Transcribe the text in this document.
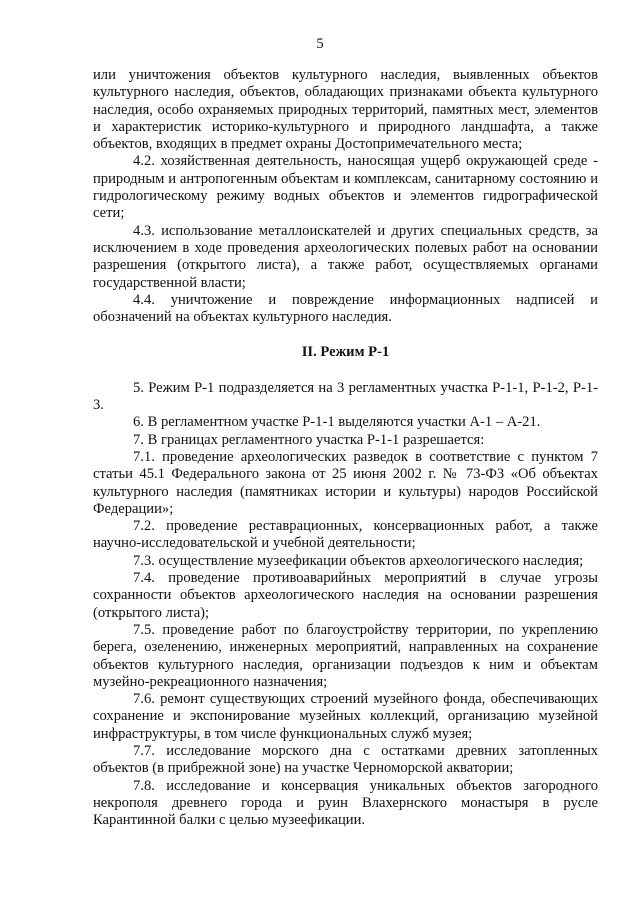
5

или уничтожения объектов культурного наследия, выявленных объектов культурного наследия, объектов, обладающих признаками объекта культурного наследия, особо охраняемых природных территорий, памятных мест, элементов и характеристик историко-культурного и природного ландшафта, а также объектов, входящих в предмет охраны Достопримечательного места;

4.2. хозяйственная деятельность, наносящая ущерб окружающей среде - природным и антропогенным объектам и комплексам, санитарному состоянию и гидрологическому режиму водных объектов и элементов гидрографической сети;

4.3. использование металлоискателей и других специальных средств, за исключением в ходе проведения археологических полевых работ на основании разрешения (открытого листа), а также работ, осуществляемых органами государственной власти;

4.4. уничтожение и повреждение информационных надписей и обозначений на объектах культурного наследия.

II. Режим Р-1

5. Режим Р-1 подразделяется на 3 регламентных участка Р-1-1, Р-1-2, Р-1-3.

6. В регламентном участке Р-1-1 выделяются участки А-1 – А-21.

7. В границах регламентного участка Р-1-1 разрешается:

7.1. проведение археологических разведок в соответствие с пунктом 7 статьи 45.1 Федерального закона от 25 июня 2002 г. № 73-ФЗ «Об объектах культурного наследия (памятниках истории и культуры) народов Российской Федерации»;

7.2. проведение реставрационных, консервационных работ, а также научно-исследовательской и учебной деятельности;

7.3. осуществление музеефикации объектов археологического наследия;

7.4. проведение противоаварийных мероприятий в случае угрозы сохранности объектов археологического наследия на основании разрешения (открытого листа);

7.5. проведение работ по благоустройству территории, по укреплению берега, озеленению, инженерных мероприятий, направленных на сохранение объектов культурного наследия, организации подъездов к ним и объектам музейно-рекреационного назначения;

7.6. ремонт существующих строений музейного фонда, обеспечивающих сохранение и экспонирование музейных коллекций, организацию музейной инфраструктуры, в том числе функциональных служб музея;

7.7. исследование морского дна с остатками древних затопленных объектов (в прибрежной зоне) на участке Черноморской акватории;

7.8. исследование и консервация уникальных объектов загородного некрополя древнего города и руин Влахернского монастыря в русле Карантинной балки с целью музеефикации.
